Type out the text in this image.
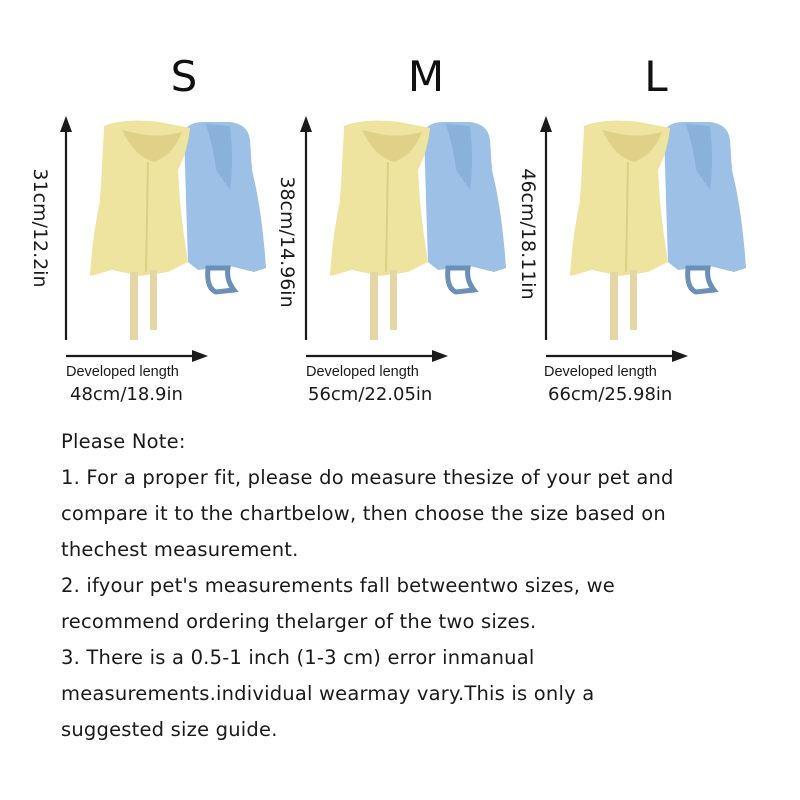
S
31cm/12.2in
Developed length
48cm/18.9in
M
38cm/14.96in
Developed length
56cm/22.05in
L
46cm/18.11in
Developed length
66cm/25.98in
Please Note:
1. For a proper fit, please do measure thesize of your pet and
compare it to the chartbelow, then choose the size based on
thechest measurement.
2. ifyour pet's measurements fall betweentwo sizes, we
recommend ordering thelarger of the two sizes.
3. There is a 0.5-1 inch (1-3 cm) error inmanual
measurements.individual wearmay vary.This is only a
suggested size guide.
